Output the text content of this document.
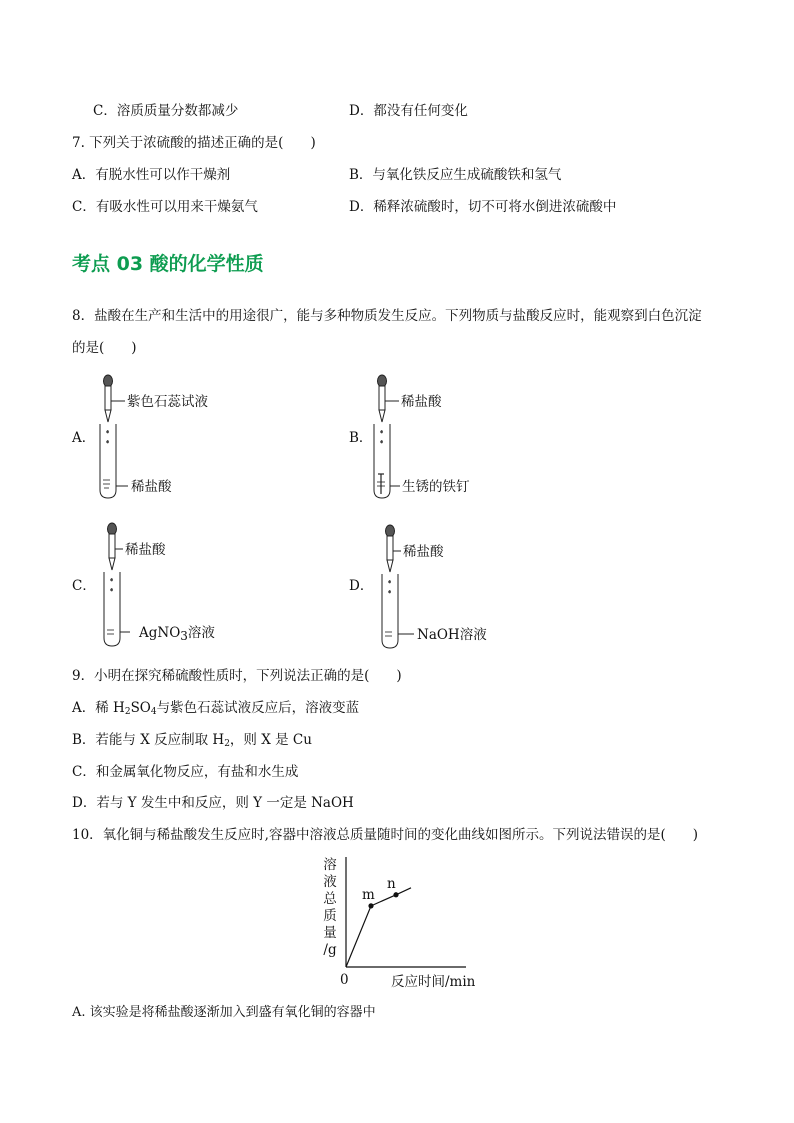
C．溶质质量分数都减少	D．都没有任何变化
7. 下列关于浓硫酸的描述正确的是(　　)
A．有脱水性可以作干燥剂	B．与氧化铁反应生成硫酸铁和氢气
C．有吸水性可以用来干燥氨气	D．稀释浓硫酸时，切不可将水倒进浓硫酸中
考点 03 酸的化学性质
8．盐酸在生产和生活中的用途很广，能与多种物质发生反应。下列物质与盐酸反应时，能观察到白色沉淀
的是(　　)
A．	B．
C．	D．
紫色石蕊试液
稀盐酸
稀盐酸
生锈的铁钉
稀盐酸
AgNO3溶液
稀盐酸
NaOH溶液
9．小明在探究稀硫酸性质时，下列说法正确的是(　　)
A．稀 $H_2SO_4$与紫色石蕊试液反应后，溶液变蓝
B．若能与 X 反应制取 $H_2$，则 X 是 Cu
C．和金属氧化物反应，有盐和水生成
D．若与 Y 发生中和反应，则 Y 一定是 NaOH
10．氧化铜与稀盐酸发生反应时,容器中溶液总质量随时间的变化曲线如图所示。下列说法错误的是(　　)
溶
液
总
质
量
/g
0	反应时间/min
m
n
A. 该实验是将稀盐酸逐渐加入到盛有氧化铜的容器中
